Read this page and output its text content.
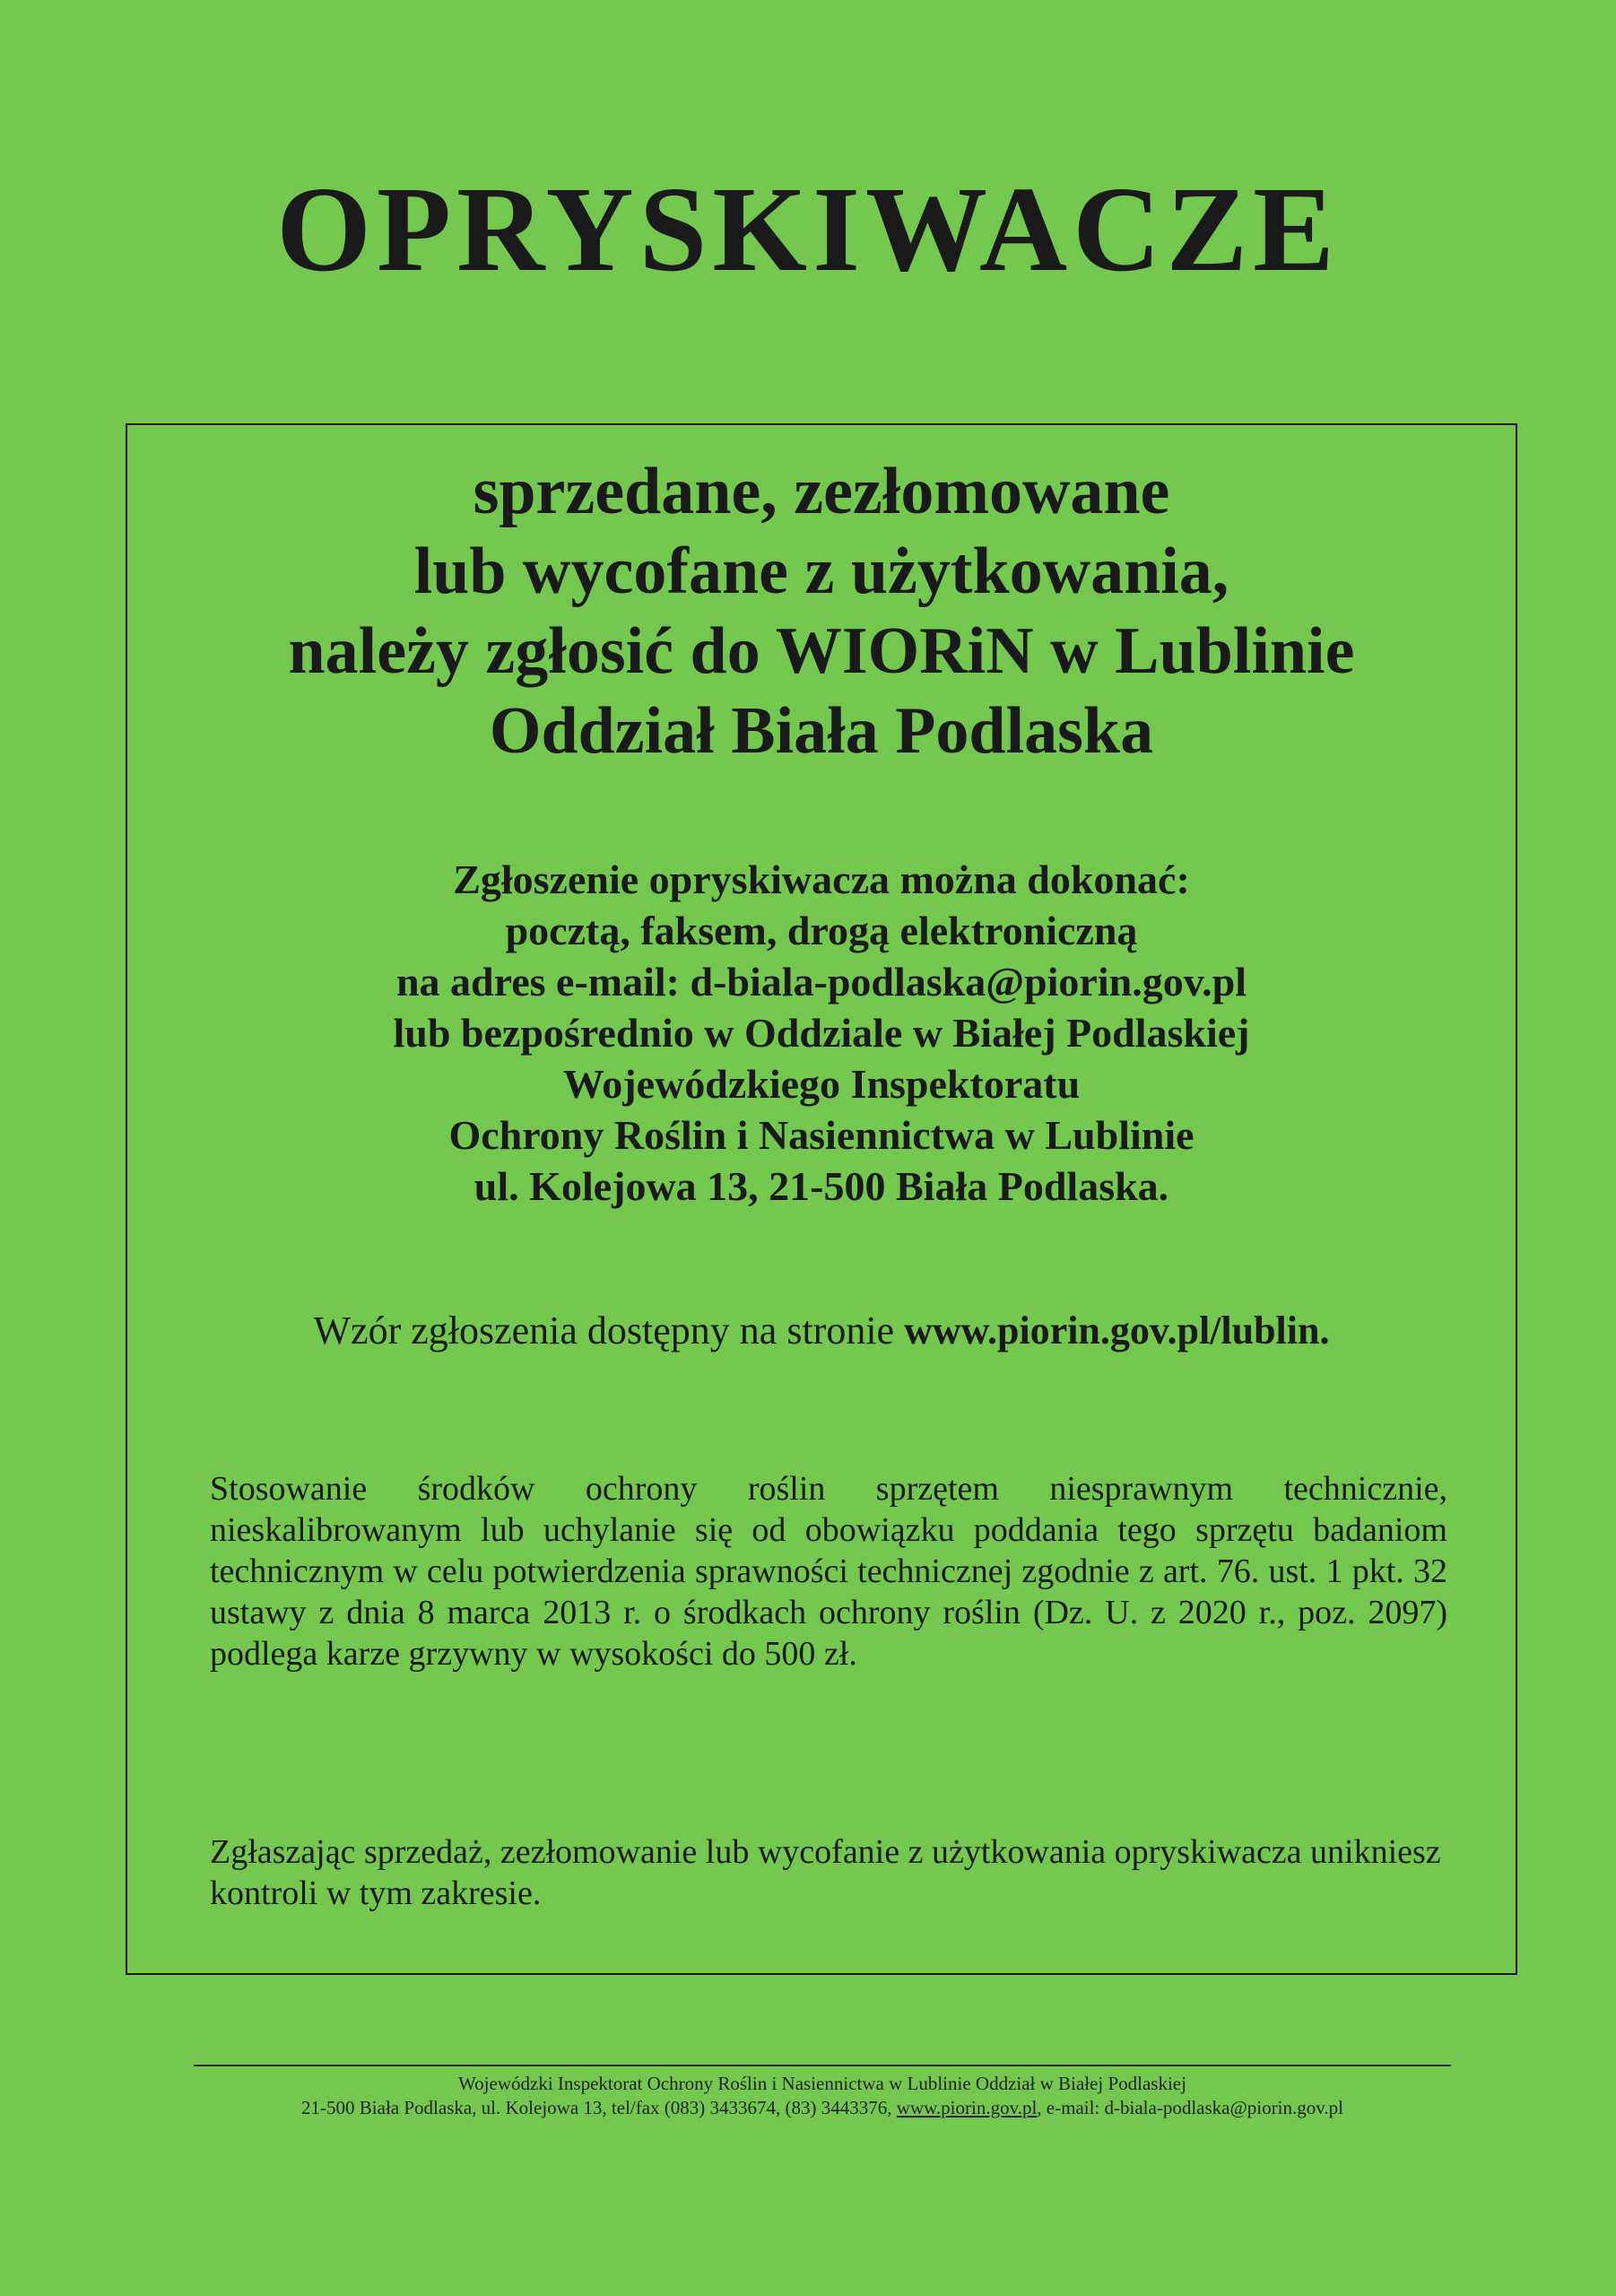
OPRYSKIWACZE
sprzedane, zezłomowane
lub wycofane z użytkowania,
należy zgłosić do WIORiN w Lublinie
Oddział Biała Podlaska
Zgłoszenie opryskiwacza można dokonać:
pocztą, faksem, drogą elektroniczną
na adres e-mail: d-biala-podlaska@piorin.gov.pl
lub bezpośrednio w Oddziale w Białej Podlaskiej
Wojewódzkiego Inspektoratu
Ochrony Roślin i Nasiennictwa w Lublinie
ul. Kolejowa 13, 21-500 Biała Podlaska.
Wzór zgłoszenia dostępny na stronie www.piorin.gov.pl/lublin.
Stosowanie środków ochrony roślin sprzętem niesprawnym technicznie, nieskalibrowanym lub uchylanie się od obowiązku poddania tego sprzętu badaniom technicznym w celu potwierdzenia sprawności technicznej zgodnie z art. 76. ust. 1 pkt. 32 ustawy z dnia 8 marca 2013 r. o środkach ochrony roślin (Dz. U. z 2020 r., poz. 2097) podlega karze grzywny w wysokości do 500 zł.
Zgłaszając sprzedaż, zezłomowanie lub wycofanie z użytkowania opryskiwacza unikniesz kontroli w tym zakresie.
Wojewódzki Inspektorat Ochrony Roślin i Nasiennictwa w Lublinie Oddział w Białej Podlaskiej
21-500 Biała Podlaska, ul. Kolejowa 13, tel/fax (083) 3433674, (83) 3443376, www.piorin.gov.pl, e-mail: d-biala-podlaska@piorin.gov.pl
